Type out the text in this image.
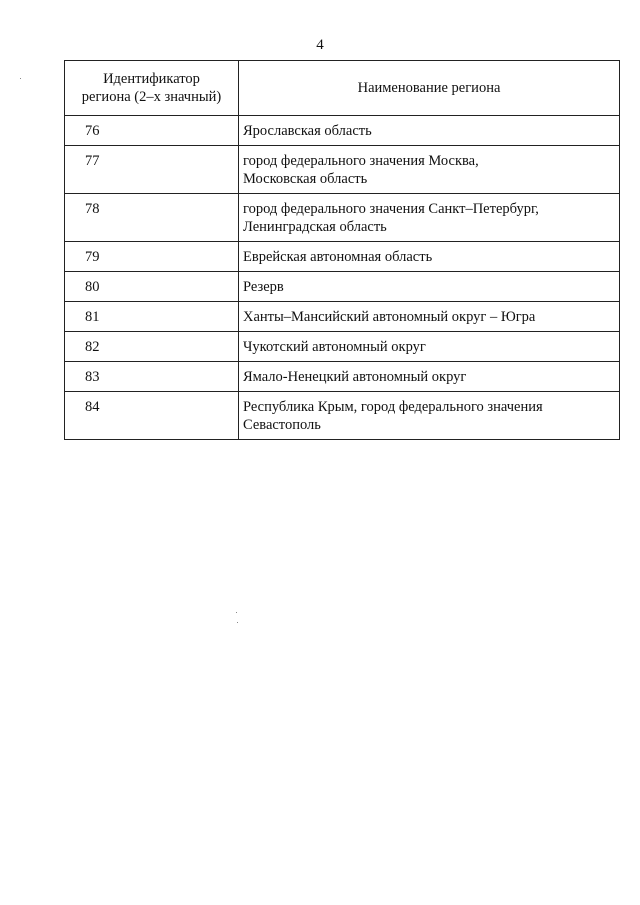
4
Идентификатор
региона (2–х значный)	Наименование региона
76	Ярославская область

77	город федерального значения Москва,
Московская область

78	город федерального значения Санкт–Петербург,
Ленинградская область

79	Еврейская автономная область

80	Резерв

81	Ханты–Мансийский автономный округ – Югра

82	Чукотский автономный округ

83	Ямало-Ненецкий автономный округ

84	Республика Крым, город федерального значения
Севастополь
